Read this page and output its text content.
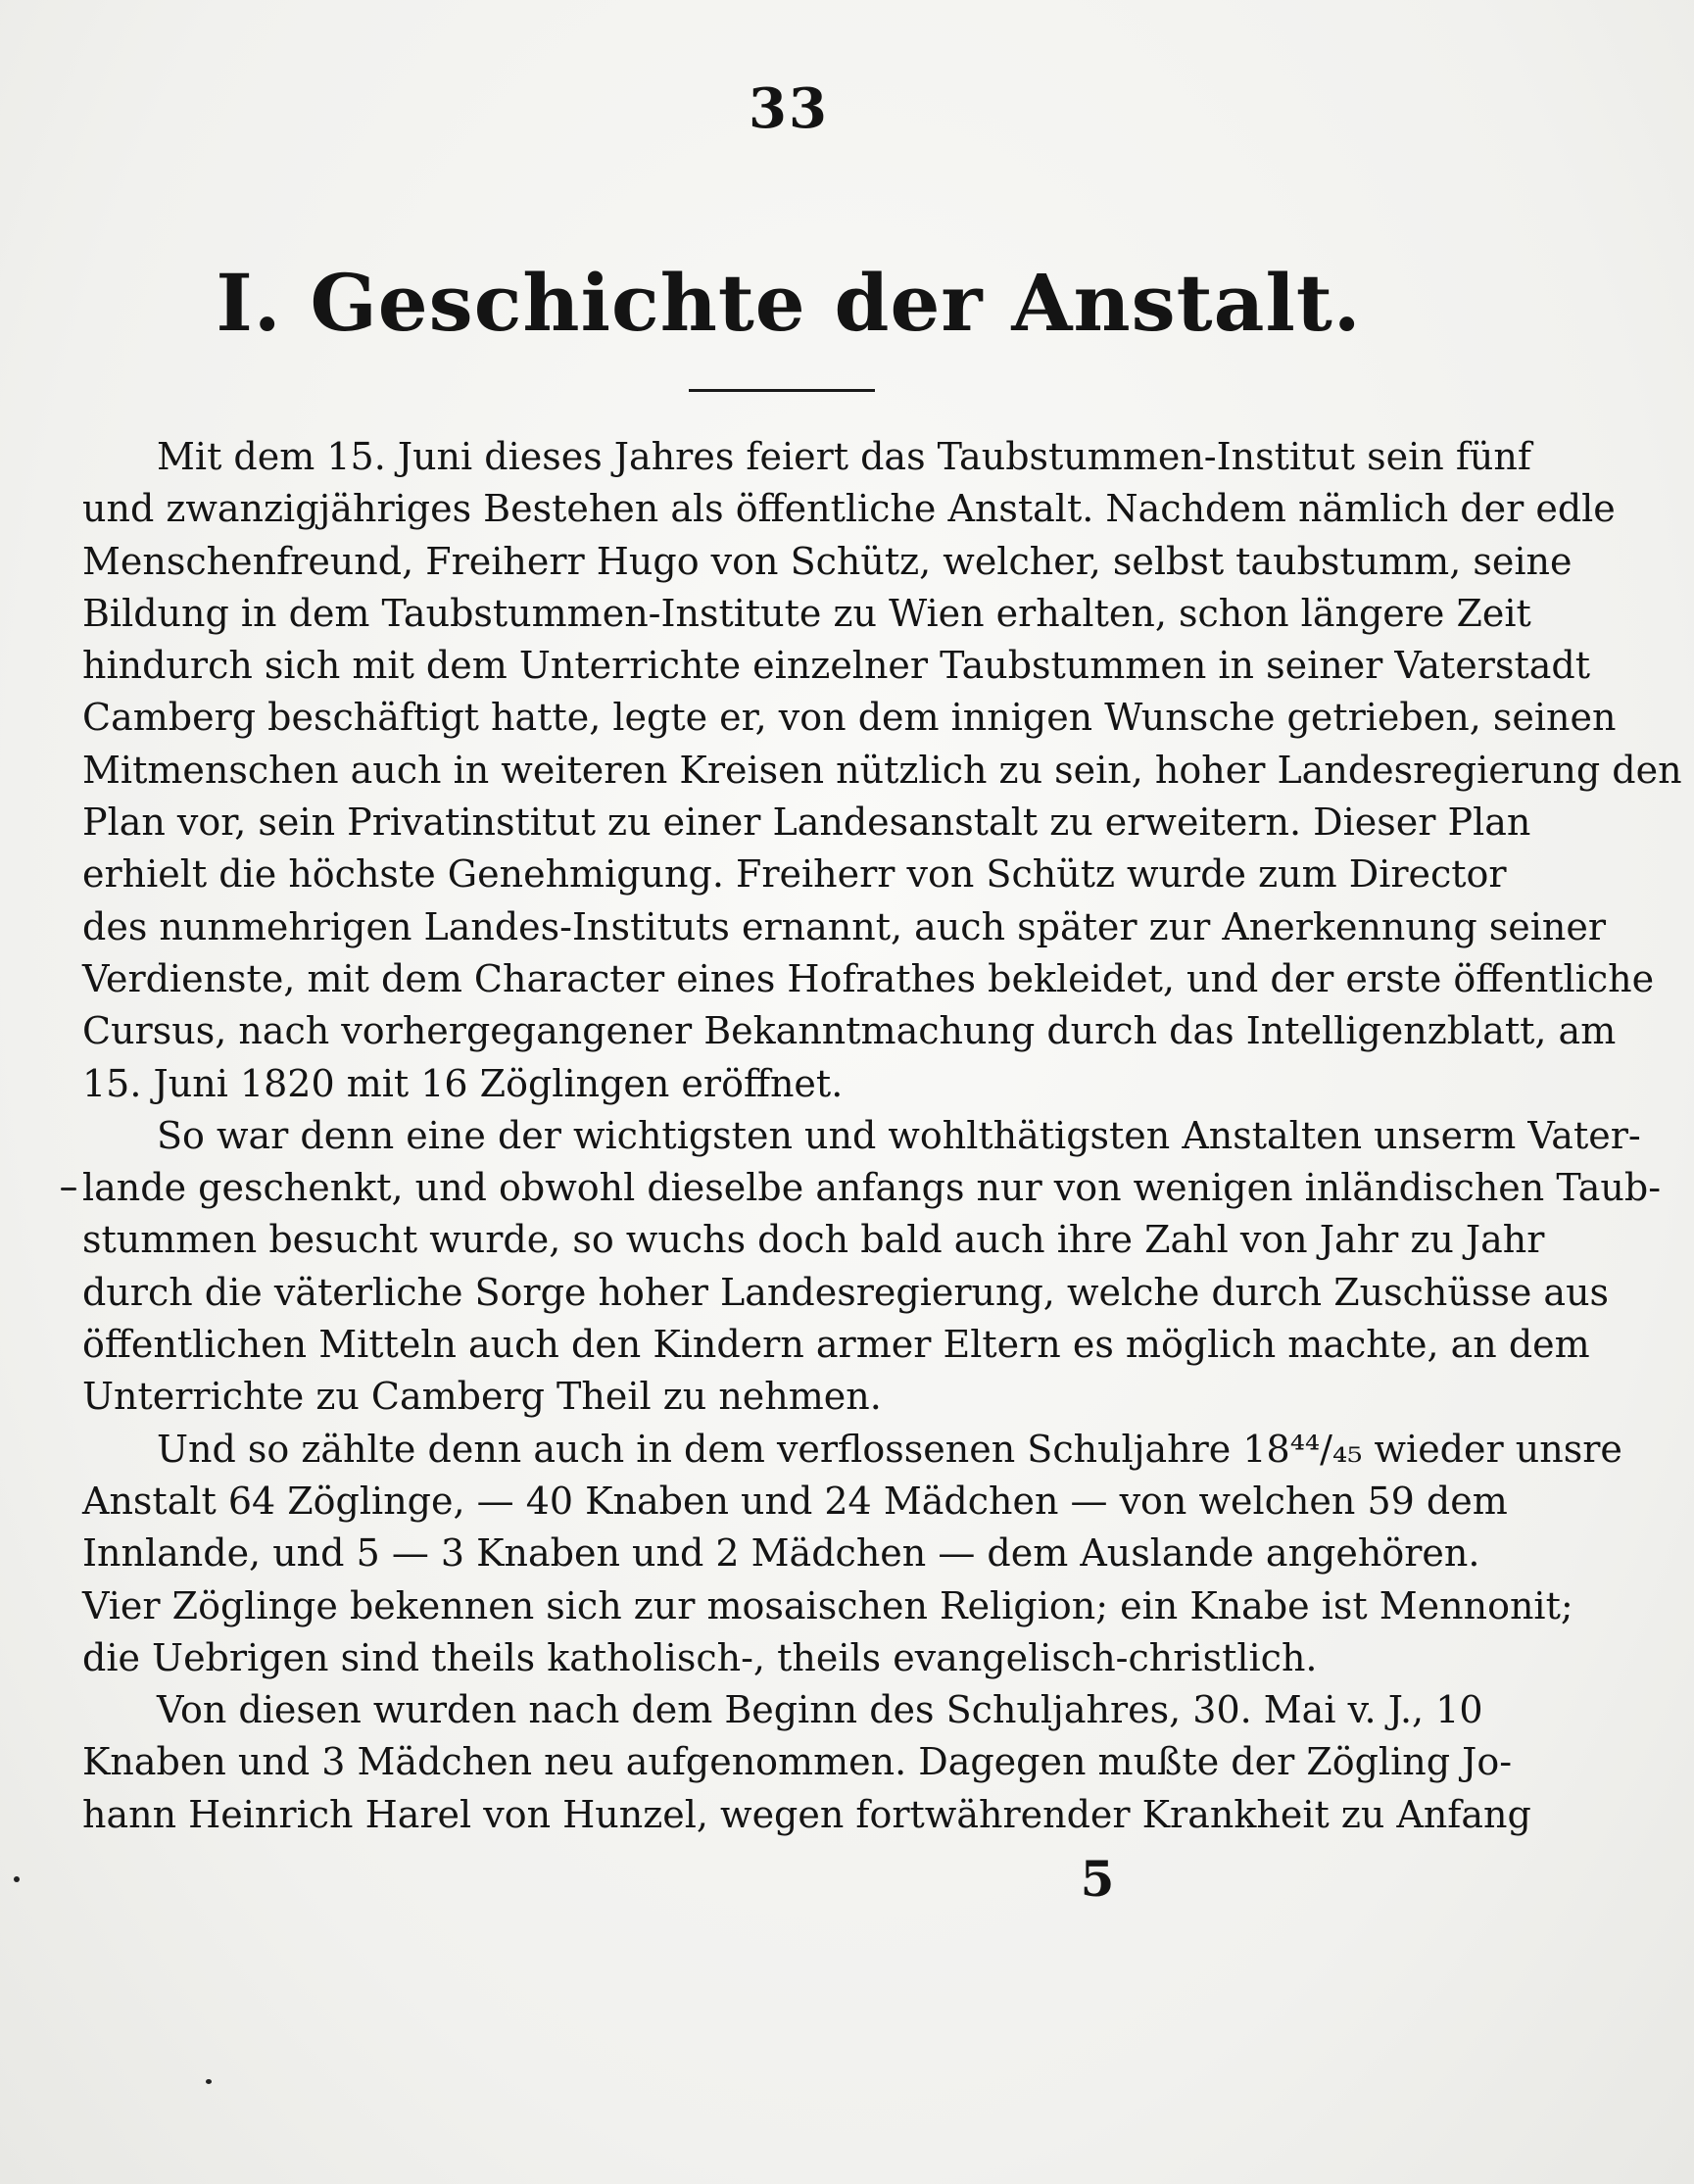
33
I. Geschichte der Anstalt.
Mit dem 15. Juni dieses Jahres feiert das Taubstummen-Institut sein fünf
und zwanzigjähriges Bestehen als öffentliche Anstalt. Nachdem nämlich der edle
Menschenfreund, Freiherr Hugo von Schütz, welcher, selbst taubstumm, seine
Bildung in dem Taubstummen-Institute zu Wien erhalten, schon längere Zeit
hindurch sich mit dem Unterrichte einzelner Taubstummen in seiner Vaterstadt
Camberg beschäftigt hatte, legte er, von dem innigen Wunsche getrieben, seinen
Mitmenschen auch in weiteren Kreisen nützlich zu sein, hoher Landesregierung den
Plan vor, sein Privatinstitut zu einer Landesanstalt zu erweitern. Dieser Plan
erhielt die höchste Genehmigung. Freiherr von Schütz wurde zum Director
des nunmehrigen Landes-Instituts ernannt, auch später zur Anerkennung seiner
Verdienste, mit dem Character eines Hofrathes bekleidet, und der erste öffentliche
Cursus, nach vorhergegangener Bekanntmachung durch das Intelligenzblatt, am
15. Juni 1820 mit 16 Zöglingen eröffnet.
So war denn eine der wichtigsten und wohlthätigsten Anstalten unserm Vater-
lande geschenkt, und obwohl dieselbe anfangs nur von wenigen inländischen Taub-
stummen besucht wurde, so wuchs doch bald auch ihre Zahl von Jahr zu Jahr
durch die väterliche Sorge hoher Landesregierung, welche durch Zuschüsse aus
öffentlichen Mitteln auch den Kindern armer Eltern es möglich machte, an dem
Unterrichte zu Camberg Theil zu nehmen.
Und so zählte denn auch in dem verflossenen Schuljahre 18⁴⁴/₄₅ wieder unsre
Anstalt 64 Zöglinge, — 40 Knaben und 24 Mädchen — von welchen 59 dem
Innlande, und 5 — 3 Knaben und 2 Mädchen — dem Auslande angehören.
Vier Zöglinge bekennen sich zur mosaischen Religion; ein Knabe ist Mennonit;
die Uebrigen sind theils katholisch-, theils evangelisch-christlich.
Von diesen wurden nach dem Beginn des Schuljahres, 30. Mai v. J., 10
Knaben und 3 Mädchen neu aufgenommen. Dagegen mußte der Zögling Jo-
hann Heinrich Harel von Hunzel, wegen fortwährender Krankheit zu Anfang
5
